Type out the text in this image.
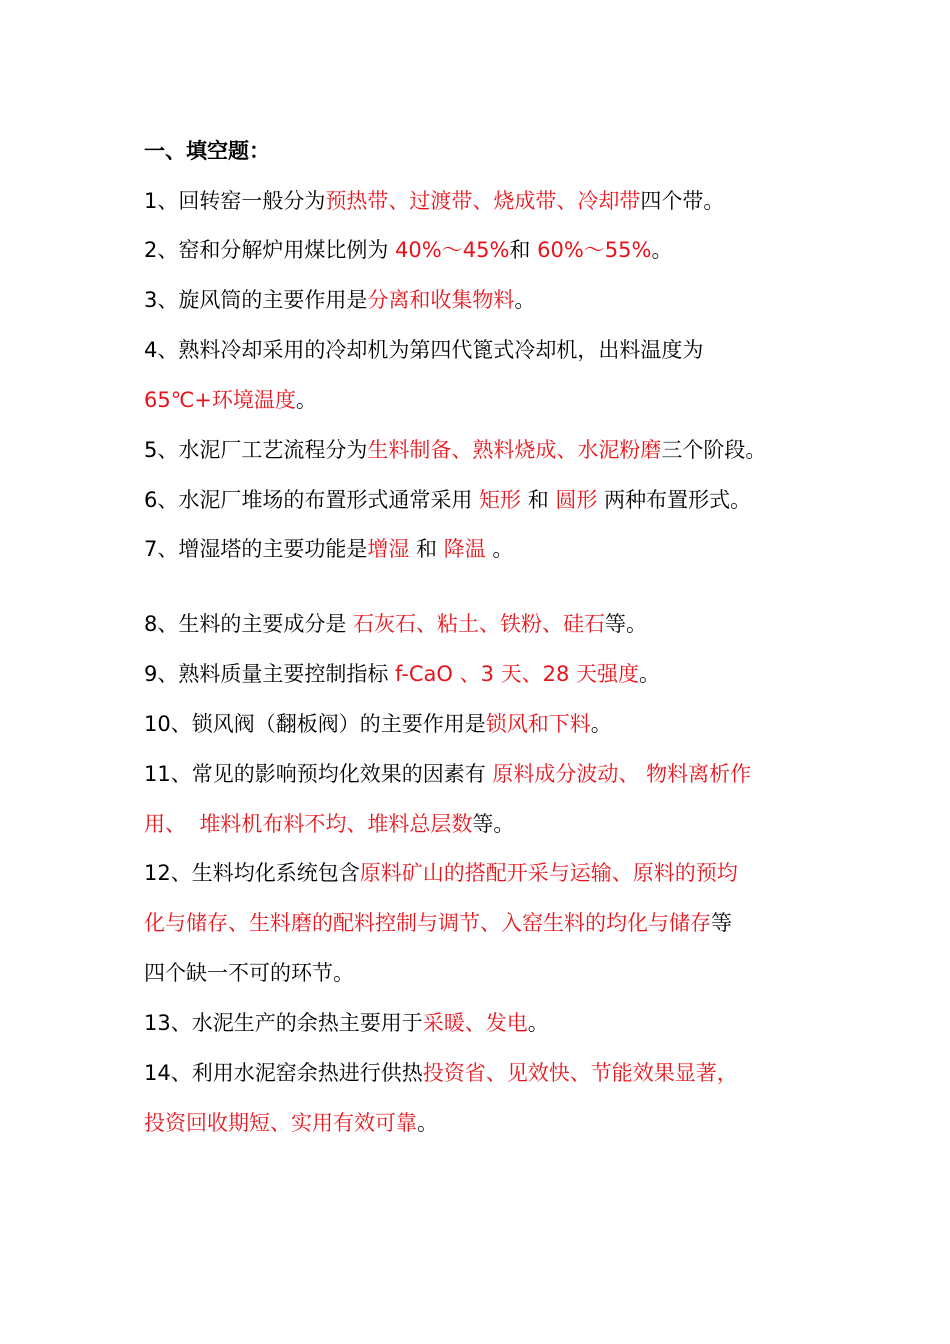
一、填空题：
1、回转窑一般分为预热带、过渡带、烧成带、冷却带四个带。
2、窑和分解炉用煤比例为 40%～45%和 60%～55%。
3、旋风筒的主要作用是分离和收集物料。
4、熟料冷却采用的冷却机为第四代篦式冷却机，出料温度为
65℃+环境温度。
5、水泥厂工艺流程分为生料制备、熟料烧成、水泥粉磨三个阶段。
6、水泥厂堆场的布置形式通常采用 矩形 和 圆形 两种布置形式。
7、增湿塔的主要功能是增湿 和 降温 。
8、生料的主要成分是 石灰石、粘土、铁粉、硅石等。
9、熟料质量主要控制指标 f-CaO 、3 天、28 天强度。
10、锁风阀（翻板阀）的主要作用是锁风和下料。
11、常见的影响预均化效果的因素有 原料成分波动、 物料离析作
用、  堆料机布料不均、堆料总层数等。
12、生料均化系统包含原料矿山的搭配开采与运输、原料的预均
化与储存、生料磨的配料控制与调节、入窑生料的均化与储存等
四个缺一不可的环节。
13、水泥生产的余热主要用于采暖、发电。
14、利用水泥窑余热进行供热投资省、见效快、节能效果显著，
投资回收期短、实用有效可靠。
